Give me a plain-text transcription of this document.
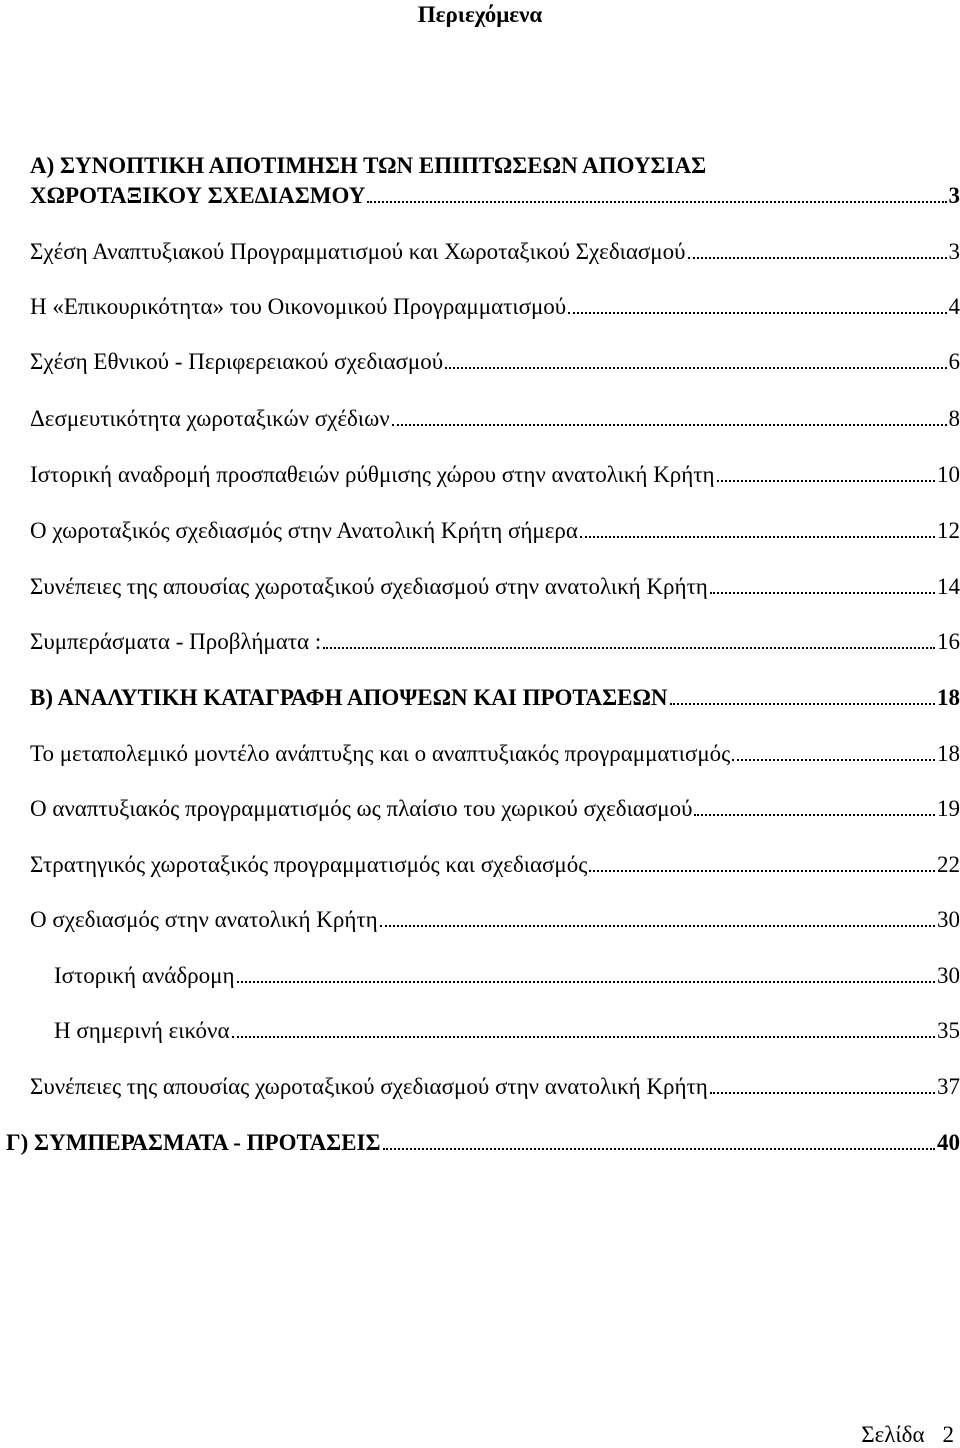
Περιεχόμενα
Α) ΣΥΝΟΠΤΙΚΗ ΑΠΟΤΙΜΗΣΗ ΤΩΝ ΕΠΙΠΤΩΣΕΩΝ ΑΠΟΥΣΙΑΣ
ΧΩΡΟΤΑΞΙΚΟΥ ΣΧΕΔΙΑΣΜΟΥ	3
Σχέση Αναπτυξιακού Προγραμματισμού και Χωροταξικού Σχεδιασμού	3
Η «Επικουρικότητα» του Οικονομικού Προγραμματισμού	4
Σχέση Εθνικού - Περιφερειακού σχεδιασμού	6
Δεσμευτικότητα χωροταξικών σχέδιων	8
Ιστορική αναδρομή προσπαθειών ρύθμισης χώρου στην ανατολική Κρήτη	10
Ο χωροταξικός σχεδιασμός στην Ανατολική Κρήτη σήμερα	12
Συνέπειες της απουσίας χωροταξικού σχεδιασμού στην ανατολική Κρήτη	14
Συμπεράσματα - Προβλήματα :	16
Β) ΑΝΑΛΥΤΙΚΗ ΚΑΤΑΓΡΑΦΗ ΑΠΟΨΕΩΝ ΚΑΙ ΠΡΟΤΑΣΕΩΝ	18
Το μεταπολεμικό μοντέλο ανάπτυξης και ο αναπτυξιακός προγραμματισμός	18
Ο αναπτυξιακός προγραμματισμός ως πλαίσιο του χωρικού σχεδιασμού	19
Στρατηγικός χωροταξικός προγραμματισμός και σχεδιασμός	22
Ο σχεδιασμός στην ανατολική Κρήτη	30
Ιστορική ανάδρομη	30
Η σημερινή εικόνα	35
Συνέπειες της απουσίας χωροταξικού σχεδιασμού στην ανατολική Κρήτη	37
Γ) ΣΥΜΠΕΡΑΣΜΑΤΑ - ΠΡΟΤΑΣΕΙΣ	40
Σελίδα 2
